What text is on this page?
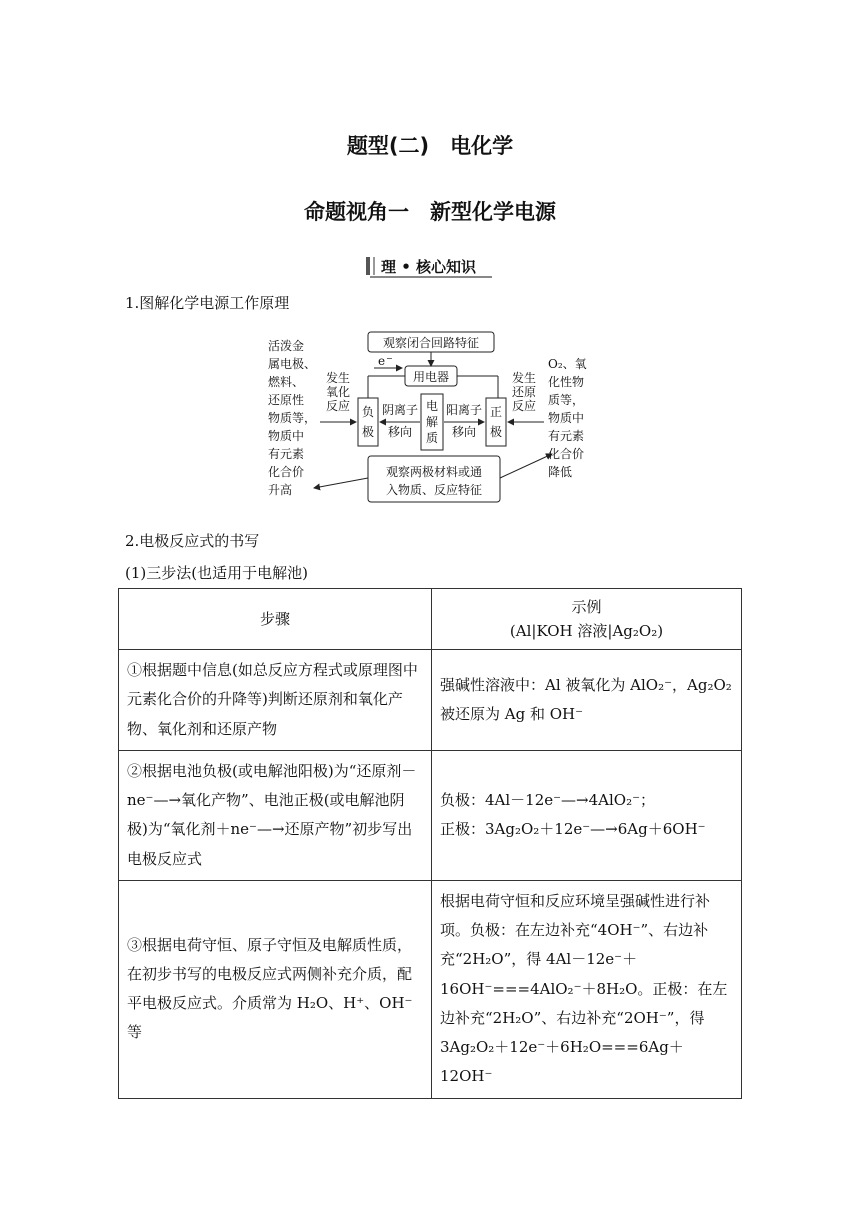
题型(二)　电化学
命题视角一　新型化学电源
理 • 核心知识
1.图解化学电源工作原理
观察闭合回路特征
用电器
e −
负
极
电
解
质
正
极
阴离子
移向
阳离子
移向
发生
氧化
反应
发生
还原
反应
观察两极材料或通
入物质、反应特征
活泼金
属电极、
燃料、
还原性
物质等，
物质中
有元素
化合价
升高
O₂、氧
化性物
质等，
物质中
有元素
化合价
降低
2.电极反应式的书写
(1)三步法(也适用于电解池)
步骤	示例
(Al|KOH 溶液|Ag₂O₂)

①根据题中信息(如总反应方程式或原理图中元素化合价的升降等)判断还原剂和氧化产物、氧化剂和还原产物	强碱性溶液中：Al 被氧化为 AlO₂⁻，Ag₂O₂ 被还原为 Ag 和 OH⁻
②根据电池负极(或电解池阳极)为“还原剂－ne⁻—→氧化产物”、电池正极(或电解池阴极)为“氧化剂＋ne⁻—→还原产物”初步写出电极反应式	负极：4Al－12e⁻—→4AlO₂⁻；
正极：3Ag₂O₂＋12e⁻—→6Ag＋6OH⁻

③根据电荷守恒、原子守恒及电解质性质，在初步书写的电极反应式两侧补充介质，配平电极反应式。介质常为 H₂O、H⁺、OH⁻等	根据电荷守恒和反应环境呈强碱性进行补项。负极：在左边补充“4OH⁻”、右边补充“2H₂O”，得 4Al－12e⁻＋16OH⁻===4AlO₂⁻＋8H₂O。正极：在左边补充“2H₂O”、右边补充“2OH⁻”，得 3Ag₂O₂＋12e⁻＋6H₂O===6Ag＋12OH⁻
